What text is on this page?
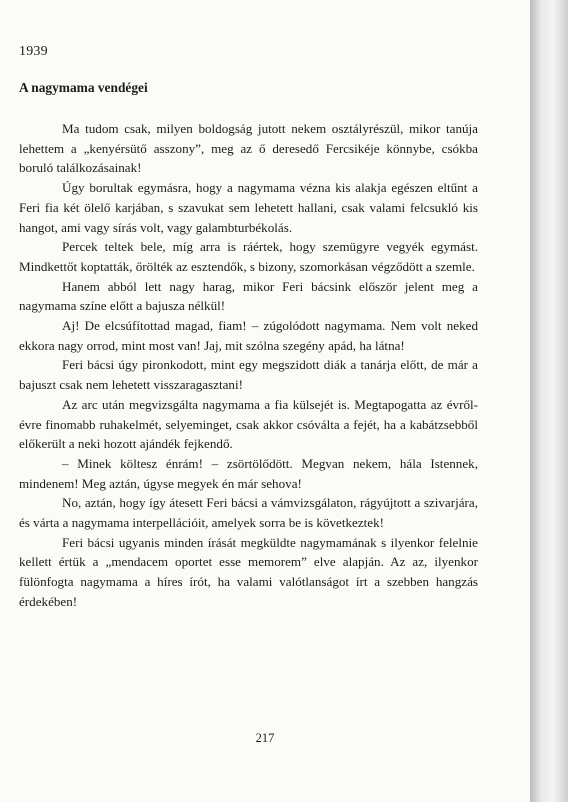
1939
A nagymama vendégei

Ma tudom csak, milyen boldogság jutott nekem osztályrészül, mikor tanúja lehettem a „kenyérsütő asszony”, meg az ő deresedő Fercsikéje könnybe, csókba boruló találkozásainak!

Úgy borultak egymásra, hogy a nagymama vézna kis alakja egészen eltűnt a Feri fia két ölelő karjában, s szavukat sem lehetett hallani, csak valami felcsukló kis hangot, ami vagy sírás volt, vagy galambturbékolás.

Percek teltek bele, míg arra is ráértek, hogy szemügyre vegyék egymást. Mindkettőt koptatták, őrölték az esztendők, s bizony, szomorkásan végződött a szemle.

Hanem abból lett nagy harag, mikor Feri bácsink először jelent meg a nagymama színe előtt a bajusza nélkül!

Aj! De elcsúfítottad magad, fiam! – zúgolódott nagymama. Nem volt neked ekkora nagy orrod, mint most van! Jaj, mit szólna szegény apád, ha látna!

Feri bácsi úgy pironkodott, mint egy megszidott diák a tanárja előtt, de már a bajuszt csak nem lehetett visszaragasztani!

Az arc után megvizsgálta nagymama a fia külsejét is. Megtapogatta az évről-évre finomabb ruhakelmét, selyeminget, csak akkor csóválta a fejét, ha a kabátzsebből előkerült a neki hozott ajándék fejkendő.

– Minek költesz énrám! – zsörtölődött. Megvan nekem, hála Istennek, mindenem! Meg aztán, úgyse megyek én már sehova!

No, aztán, hogy így átesett Feri bácsi a vámvizsgálaton, rágyújtott a szivarjára, és várta a nagymama interpellációit, amelyek sorra be is következtek!

Feri bácsi ugyanis minden írását megküldte nagymamának s ilyenkor felelnie kellett értük a „mendacem oportet esse memorem” elve alapján. Az az, ilyenkor fülönfogta nagymama a híres írót, ha valami valótlanságot írt a szebben hangzás érdekében!

217
